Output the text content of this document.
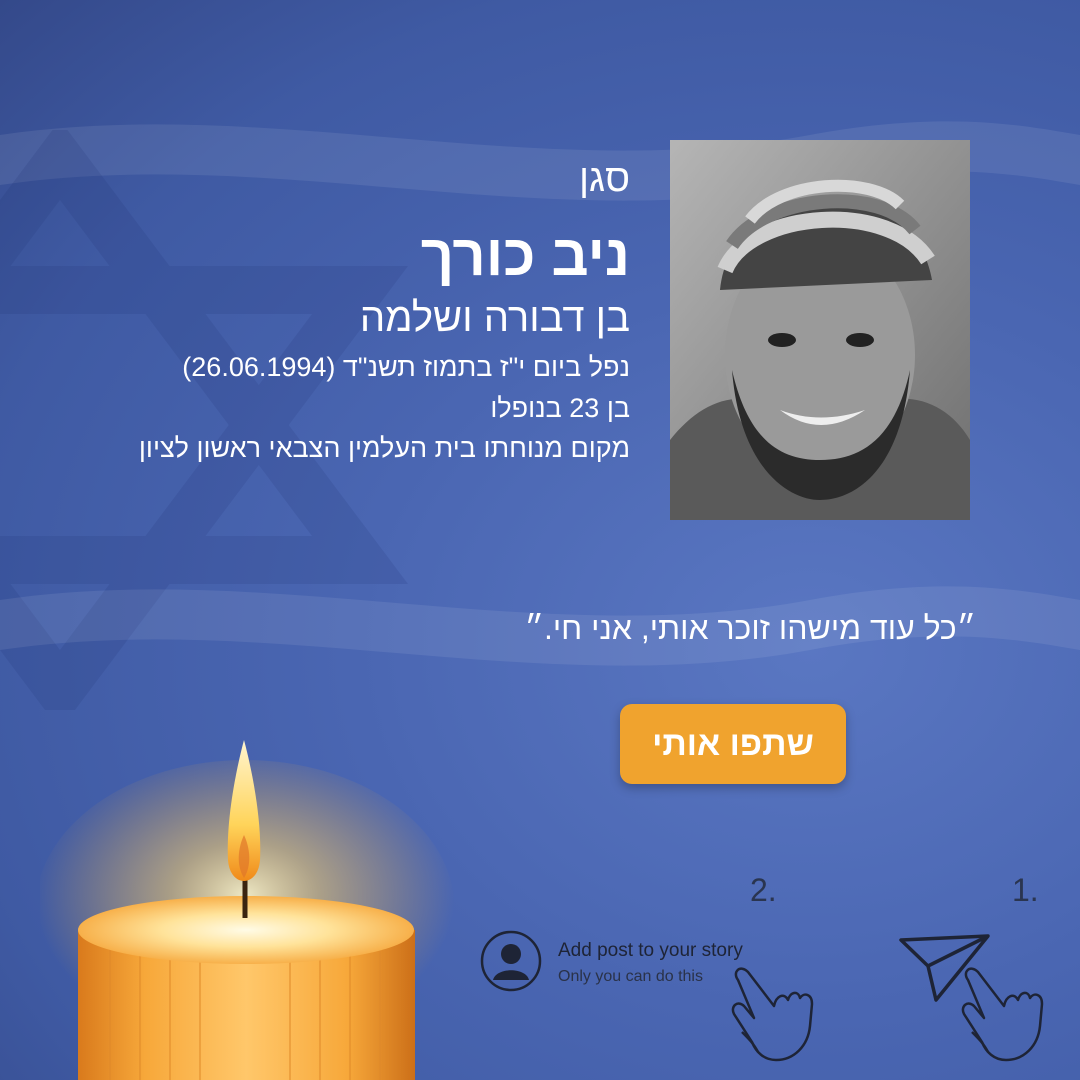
סגן
ניב כורך
בן דבורה ושלמה
נפל ביום י"ז בתמוז תשנ"ד (26.06.1994)
בן 23 בנופלו
מקום מנוחתו בית העלמין הצבאי ראשון לציון
״כל עוד מישהו זוכר אותי, אני חי.״
שתפו אותי
2.	1.
Add post to your story
Only you can do this
